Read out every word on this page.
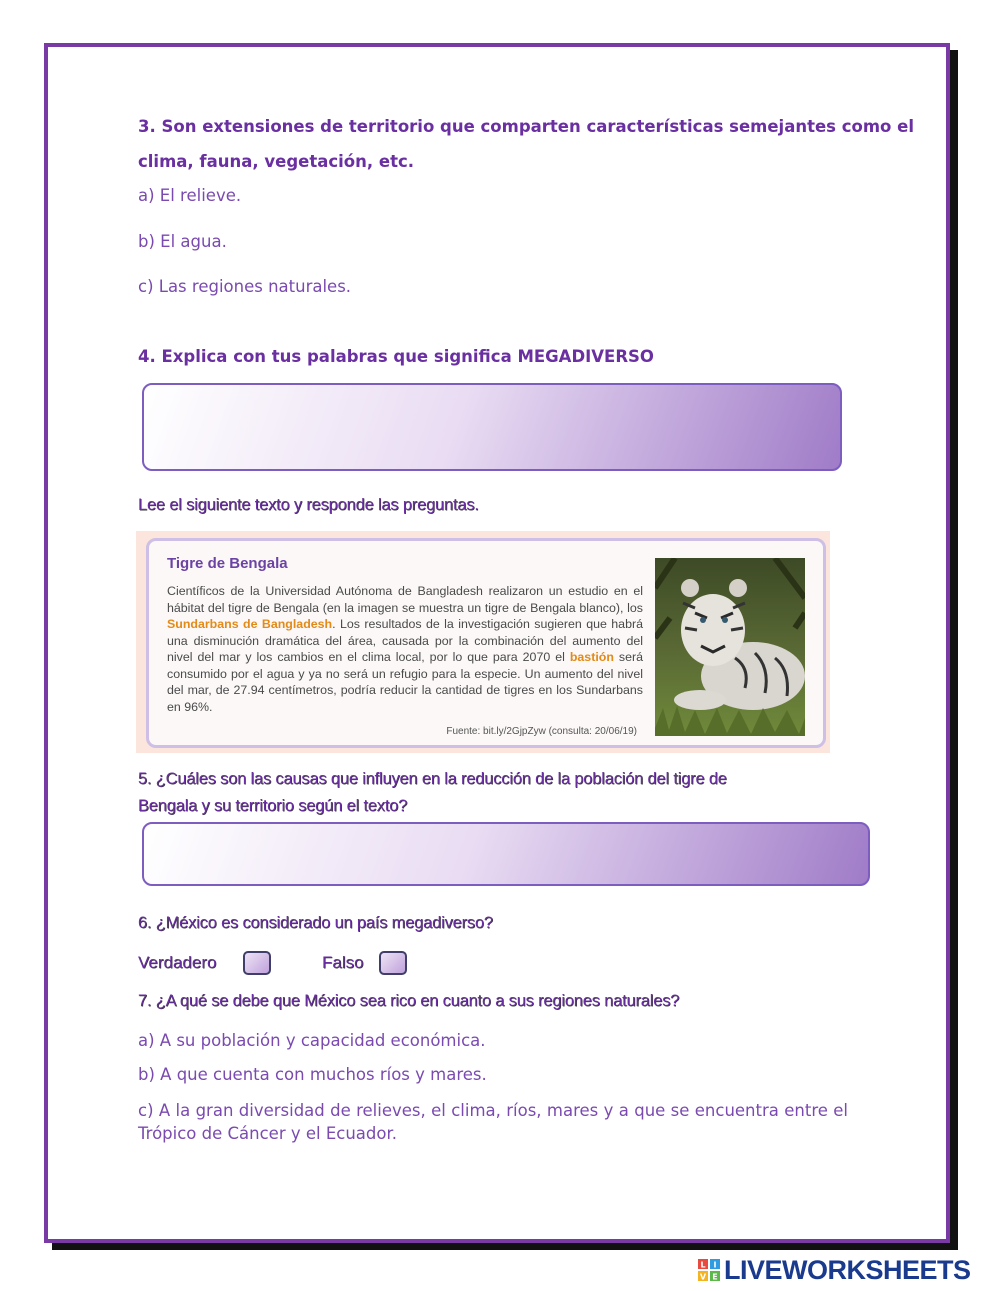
3. Son extensiones de territorio que comparten características semejantes como el
clima, fauna, vegetación, etc.
a) El relieve.
b) El agua.
c) Las regiones naturales.
4. Explica con tus palabras que significa MEGADIVERSO
Lee el siguiente texto y responde las preguntas.
Tigre de Bengala
Científicos de la Universidad Autónoma de Bangladesh realizaron un estudio en el hábitat del tigre de Bengala (en la imagen se muestra un tigre de Bengala blanco), los Sundarbans de Bangladesh. Los resultados de la investigación sugieren que habrá una disminución dramática del área, causada por la combinación del aumento del nivel del mar y los cambios en el clima local, por lo que para 2070 el bastión será consumido por el agua y ya no será un refugio para la especie. Un aumento del nivel del mar, de 27.94 centímetros, podría reducir la cantidad de tigres en los Sundarbans en 96%.
Fuente: bit.ly/2GjpZyw (consulta: 20/06/19)
5. ¿Cuáles son las causas que influyen en la reducción de la población del tigre de
Bengala y su territorio según el texto?
6. ¿México es considerado un país megadiverso?
Verdadero	Falso
7. ¿A qué se debe que México sea rico en cuanto a sus regiones naturales?
a) A su población y capacidad económica.
b) A que cuenta con muchos ríos y mares.
c) A la gran diversidad de relieves, el clima, ríos, mares y a que se encuentra entre el Trópico de Cáncer y el Ecuador.
L I
V E LIVEWORKSHEETS
